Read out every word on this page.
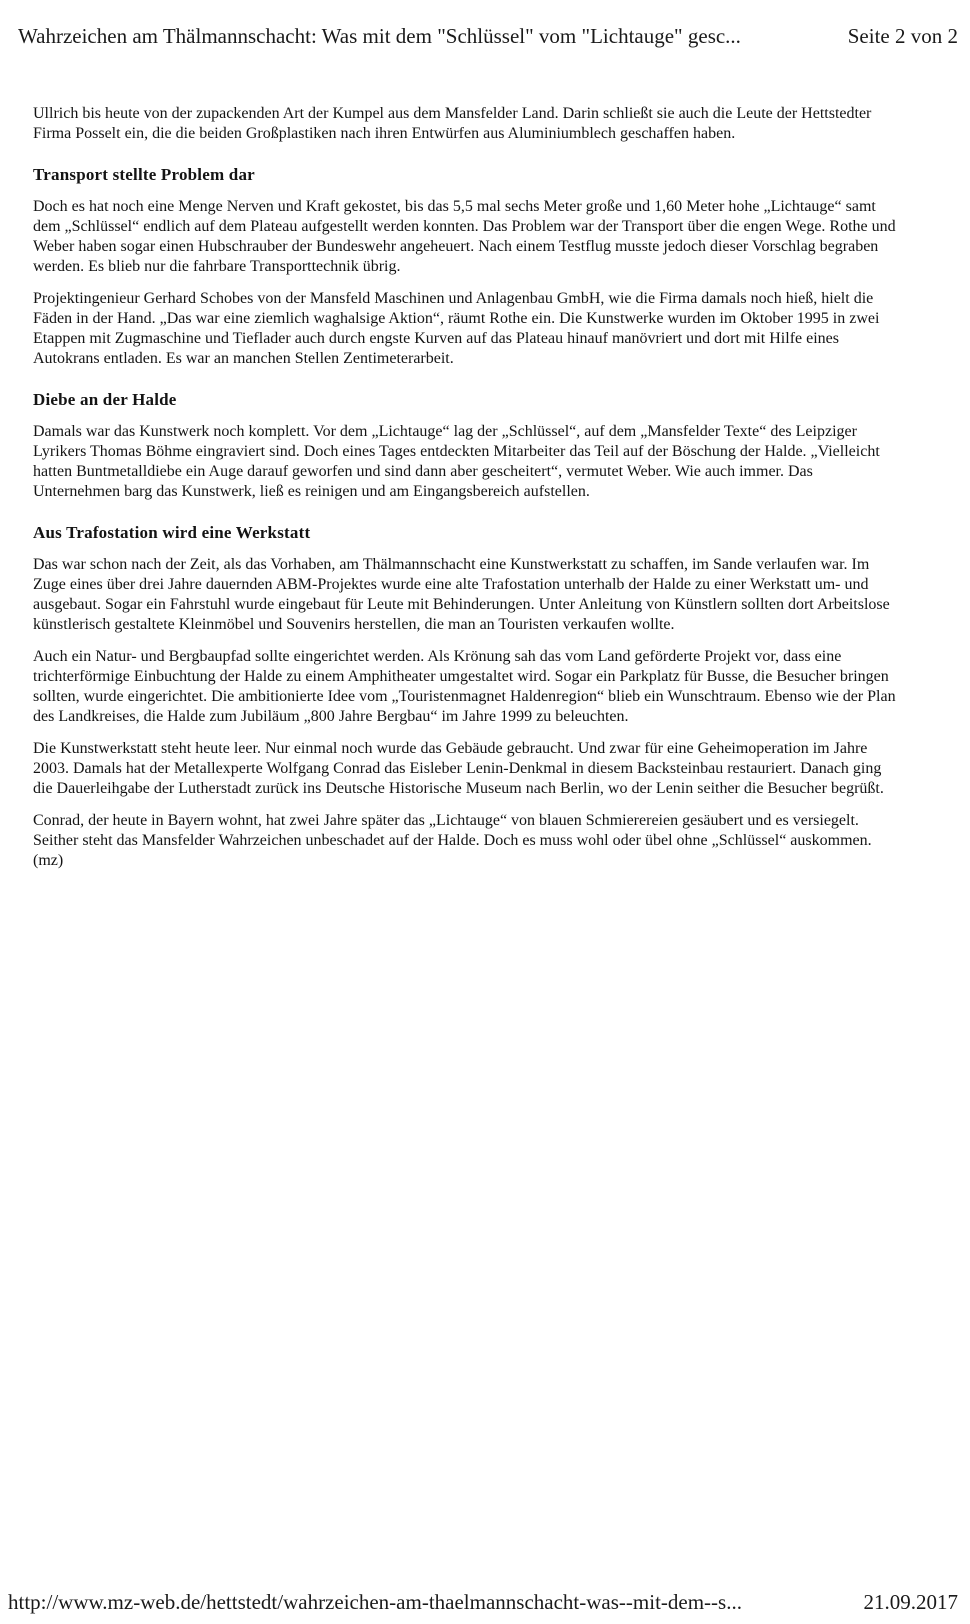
Wahrzeichen am Thälmannschacht: Was mit dem "Schlüssel" vom "Lichtauge" gesc...	Seite 2 von 2

Ullrich bis heute von der zupackenden Art der Kumpel aus dem Mansfelder Land. Darin schließt sie auch die Leute der Hettstedter Firma Posselt ein, die die beiden Großplastiken nach ihren Entwürfen aus Aluminiumblech geschaffen haben.

Transport stellte Problem dar

Doch es hat noch eine Menge Nerven und Kraft gekostet, bis das 5,5 mal sechs Meter große und 1,60 Meter hohe „Lichtauge“ samt dem „Schlüssel“ endlich auf dem Plateau aufgestellt werden konnten. Das Problem war der Transport über die engen Wege. Rothe und Weber haben sogar einen Hubschrauber der Bundeswehr angeheuert. Nach einem Testflug musste jedoch dieser Vorschlag begraben werden. Es blieb nur die fahrbare Transporttechnik übrig.

Projektingenieur Gerhard Schobes von der Mansfeld Maschinen und Anlagenbau GmbH, wie die Firma damals noch hieß, hielt die Fäden in der Hand. „Das war eine ziemlich waghalsige Aktion“, räumt Rothe ein. Die Kunstwerke wurden im Oktober 1995 in zwei Etappen mit Zugmaschine und Tieflader auch durch engste Kurven auf das Plateau hinauf manövriert und dort mit Hilfe eines Autokrans entladen. Es war an manchen Stellen Zentimeterarbeit.

Diebe an der Halde

Damals war das Kunstwerk noch komplett. Vor dem „Lichtauge“ lag der „Schlüssel“, auf dem „Mansfelder Texte“ des Leipziger Lyrikers Thomas Böhme eingraviert sind. Doch eines Tages entdeckten Mitarbeiter das Teil auf der Böschung der Halde. „Vielleicht hatten Buntmetalldiebe ein Auge darauf geworfen und sind dann aber gescheitert“, vermutet Weber. Wie auch immer. Das Unternehmen barg das Kunstwerk, ließ es reinigen und am Eingangsbereich aufstellen.

Aus Trafostation wird eine Werkstatt

Das war schon nach der Zeit, als das Vorhaben, am Thälmannschacht eine Kunstwerkstatt zu schaffen, im Sande verlaufen war. Im Zuge eines über drei Jahre dauernden ABM-Projektes wurde eine alte Trafostation unterhalb der Halde zu einer Werkstatt um- und ausgebaut. Sogar ein Fahrstuhl wurde eingebaut für Leute mit Behinderungen. Unter Anleitung von Künstlern sollten dort Arbeitslose künstlerisch gestaltete Kleinmöbel und Souvenirs herstellen, die man an Touristen verkaufen wollte.

Auch ein Natur- und Bergbaupfad sollte eingerichtet werden. Als Krönung sah das vom Land geförderte Projekt vor, dass eine trichterförmige Einbuchtung der Halde zu einem Amphitheater umgestaltet wird. Sogar ein Parkplatz für Busse, die Besucher bringen sollten, wurde eingerichtet. Die ambitionierte Idee vom „Touristenmagnet Haldenregion“ blieb ein Wunschtraum. Ebenso wie der Plan des Landkreises, die Halde zum Jubiläum „800 Jahre Bergbau“ im Jahre 1999 zu beleuchten.

Die Kunstwerkstatt steht heute leer. Nur einmal noch wurde das Gebäude gebraucht. Und zwar für eine Geheimoperation im Jahre 2003. Damals hat der Metallexperte Wolfgang Conrad das Eisleber Lenin-Denkmal in diesem Backsteinbau restauriert. Danach ging die Dauerleihgabe der Lutherstadt zurück ins Deutsche Historische Museum nach Berlin, wo der Lenin seither die Besucher begrüßt.

Conrad, der heute in Bayern wohnt, hat zwei Jahre später das „Lichtauge“ von blauen Schmierereien gesäubert und es versiegelt. Seither steht das Mansfelder Wahrzeichen unbeschadet auf der Halde. Doch es muss wohl oder übel ohne „Schlüssel“ auskommen. (mz)

http://www.mz-web.de/hettstedt/wahrzeichen-am-thaelmannschacht-was--mit-dem--s...	21.09.2017
